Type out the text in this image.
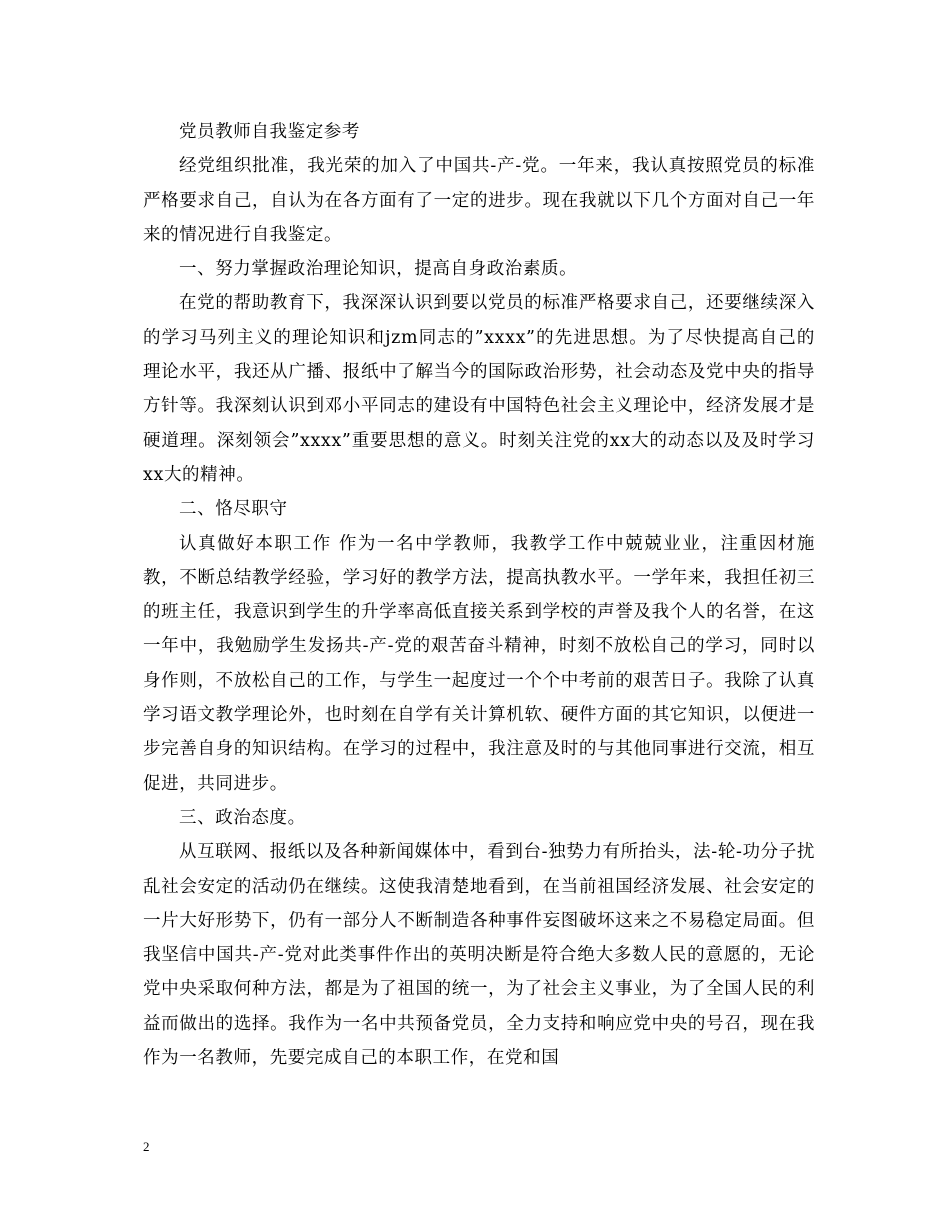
党员教师自我鉴定参考

经党组织批准，我光荣的加入了中国共-产-党。一年来，我认真按照党员的标准严格要求自己，自认为在各方面有了一定的进步。现在我就以下几个方面对自己一年来的情况进行自我鉴定。

一、努力掌握政治理论知识，提高自身政治素质。

在党的帮助教育下，我深深认识到要以党员的标准严格要求自己，还要继续深入的学习马列主义的理论知识和jzm同志的”xxxx”的先进思想。为了尽快提高自己的理论水平，我还从广播、报纸中了解当今的国际政治形势，社会动态及党中央的指导方针等。我深刻认识到邓小平同志的建设有中国特色社会主义理论中，经济发展才是硬道理。深刻领会”xxxx”重要思想的意义。时刻关注党的xx大的动态以及及时学习xx大的精神。

二、恪尽职守

认真做好本职工作 作为一名中学教师，我教学工作中兢兢业业，注重因材施教，不断总结教学经验，学习好的教学方法，提高执教水平。一学年来，我担任初三的班主任，我意识到学生的升学率高低直接关系到学校的声誉及我个人的名誉，在这一年中，我勉励学生发扬共-产-党的艰苦奋斗精神，时刻不放松自己的学习，同时以身作则，不放松自己的工作，与学生一起度过一个个中考前的艰苦日子。我除了认真学习语文教学理论外，也时刻在自学有关计算机软、硬件方面的其它知识，以便进一步完善自身的知识结构。在学习的过程中，我注意及时的与其他同事进行交流，相互促进，共同进步。

三、政治态度。

从互联网、报纸以及各种新闻媒体中，看到台-独势力有所抬头，法-轮-功分子扰乱社会安定的活动仍在继续。这使我清楚地看到，在当前祖国经济发展、社会安定的一片大好形势下，仍有一部分人不断制造各种事件妄图破坏这来之不易稳定局面。但我坚信中国共-产-党对此类事件作出的英明决断是符合绝大多数人民的意愿的，无论党中央采取何种方法，都是为了祖国的统一，为了社会主义事业，为了全国人民的利益而做出的选择。我作为一名中共预备党员，全力支持和响应党中央的号召，现在我作为一名教师，先要完成自己的本职工作，在党和国

2
